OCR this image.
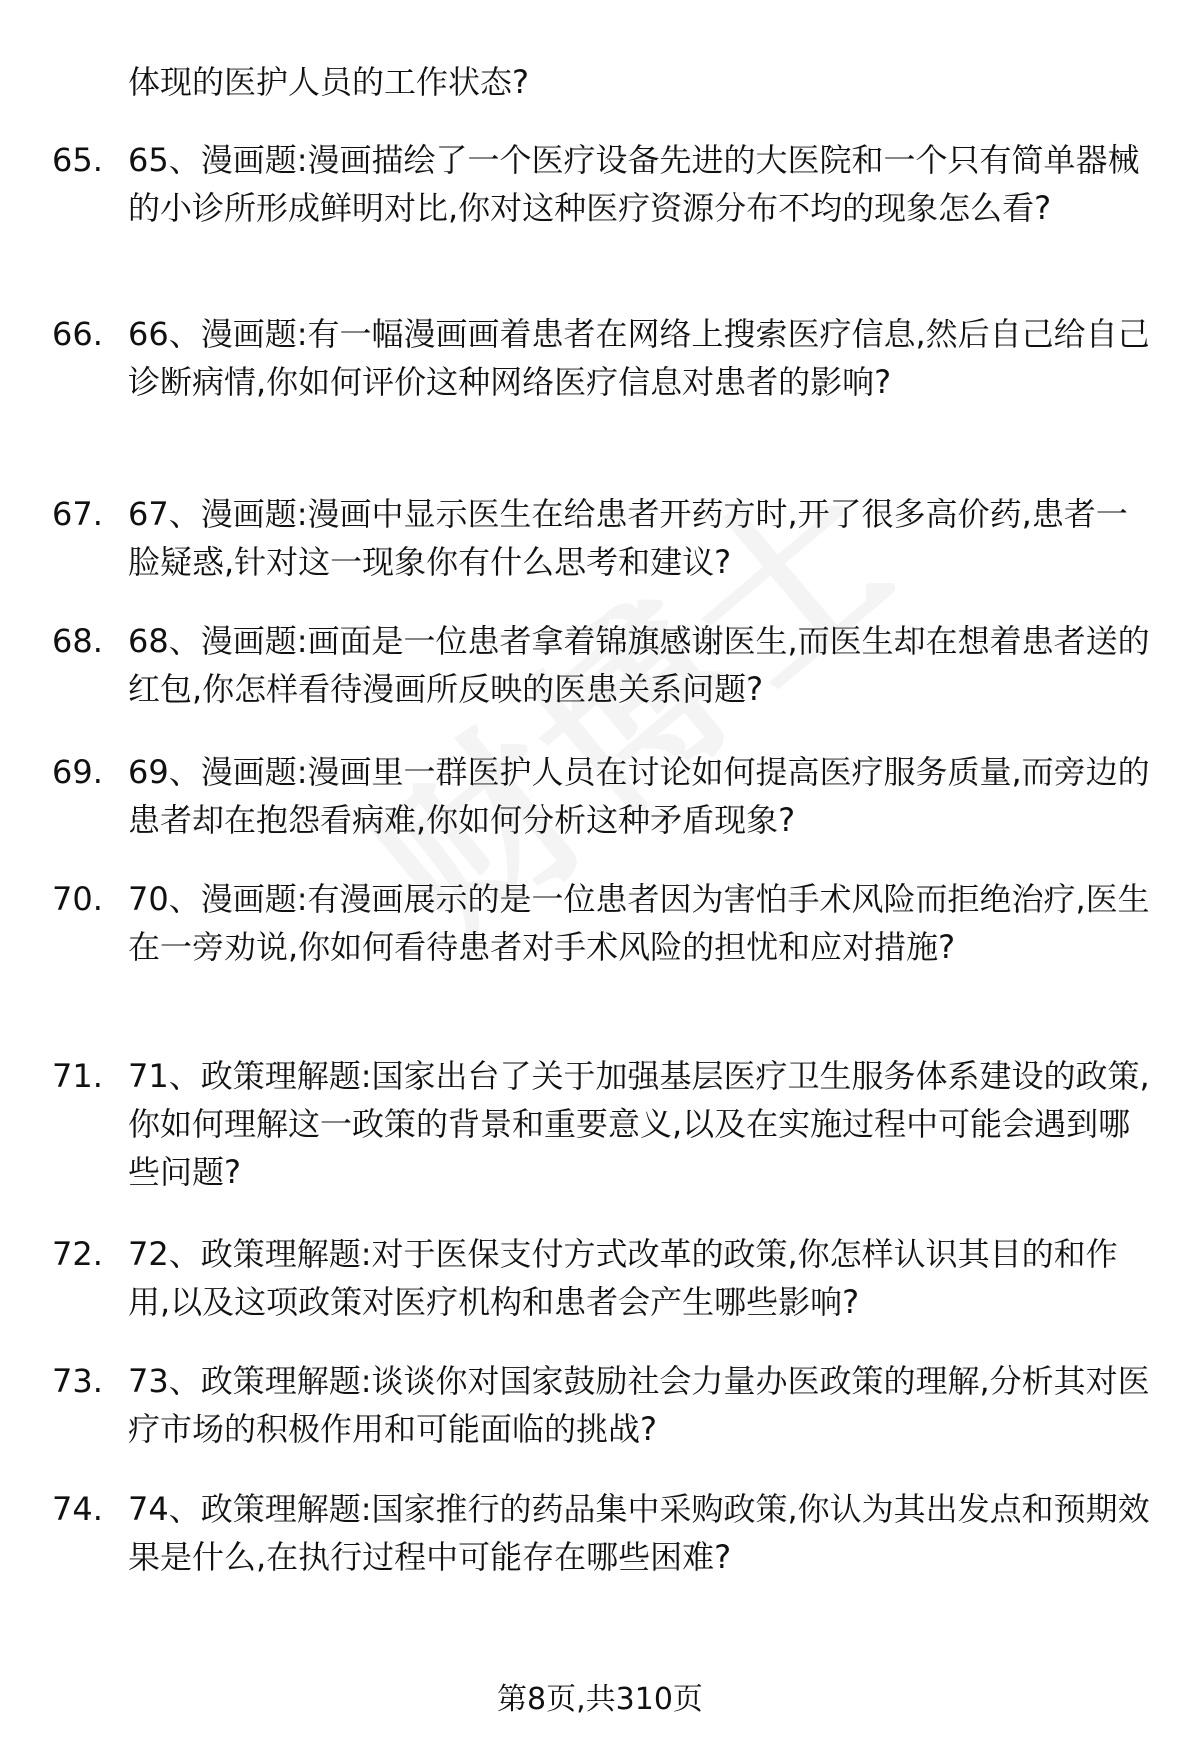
体现的医护人员的工作状态?
65. 65、漫画题:漫画描绘了一个医疗设备先进的大医院和一个只有简单器械的小诊所形成鲜明对比,你对这种医疗资源分布不均的现象怎么看?
66. 66、漫画题:有一幅漫画画着患者在网络上搜索医疗信息,然后自己给自己诊断病情,你如何评价这种网络医疗信息对患者的影响?
67. 67、漫画题:漫画中显示医生在给患者开药方时,开了很多高价药,患者一脸疑惑,针对这一现象你有什么思考和建议?
68. 68、漫画题:画面是一位患者拿着锦旗感谢医生,而医生却在想着患者送的红包,你怎样看待漫画所反映的医患关系问题?
69. 69、漫画题:漫画里一群医护人员在讨论如何提高医疗服务质量,而旁边的患者却在抱怨看病难,你如何分析这种矛盾现象?
70. 70、漫画题:有漫画展示的是一位患者因为害怕手术风险而拒绝治疗,医生在一旁劝说,你如何看待患者对手术风险的担忧和应对措施?
71. 71、政策理解题:国家出台了关于加强基层医疗卫生服务体系建设的政策,你如何理解这一政策的背景和重要意义,以及在实施过程中可能会遇到哪些问题?
72. 72、政策理解题:对于医保支付方式改革的政策,你怎样认识其目的和作用,以及这项政策对医疗机构和患者会产生哪些影响?
73. 73、政策理解题:谈谈你对国家鼓励社会力量办医政策的理解,分析其对医疗市场的积极作用和可能面临的挑战?
74. 74、政策理解题:国家推行的药品集中采购政策,你认为其出发点和预期效果是什么,在执行过程中可能存在哪些困难?
第8页,共310页
